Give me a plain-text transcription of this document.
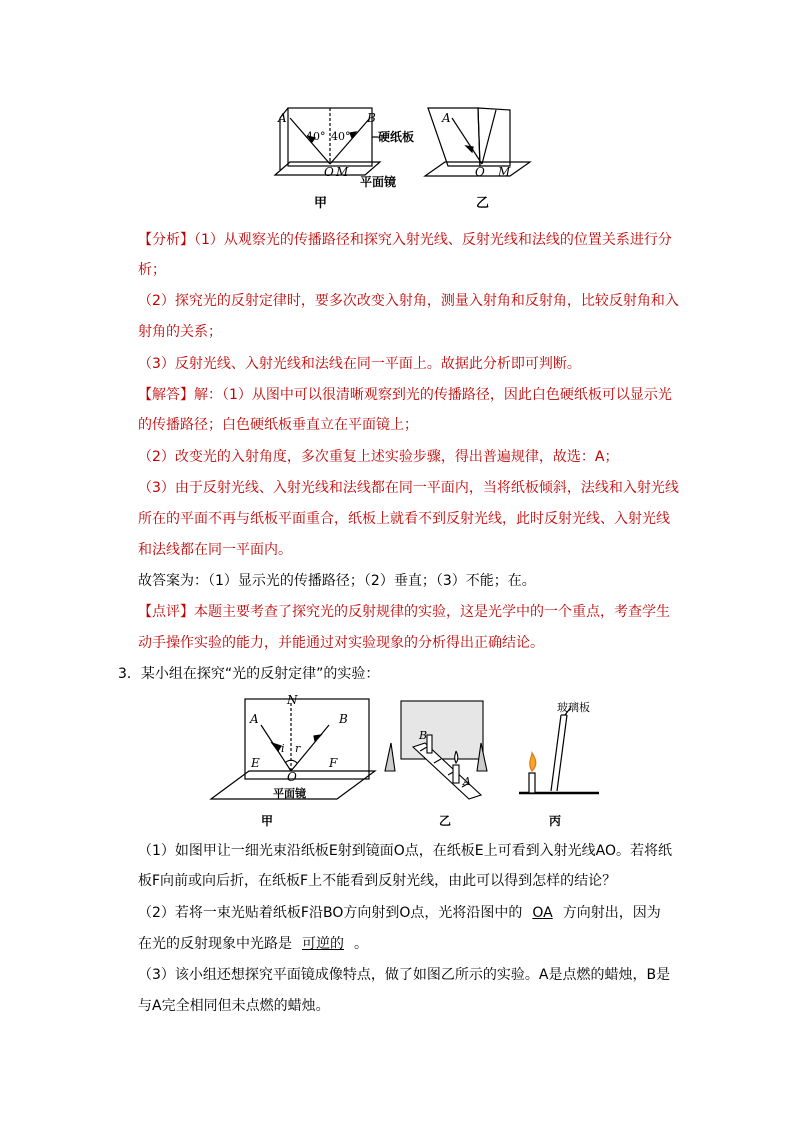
A	B
40° 40°
O M
硬纸板
平面镜
甲
A
O M
乙
【分析】（1）从观察光的传播路径和探究入射光线、反射光线和法线的位置关系进行分
析；
（2）探究光的反射定律时，要多次改变入射角，测量入射角和反射角，比较反射角和入
射角的关系；
（3）反射光线、入射光线和法线在同一平面上。故据此分析即可判断。
【解答】解：（1）从图中可以很清晰观察到光的传播路径，因此白色硬纸板可以显示光
的传播路径；白色硬纸板垂直立在平面镜上；
（2）改变光的入射角度，多次重复上述实验步骤，得出普遍规律，故选：A；
（3）由于反射光线、入射光线和法线都在同一平面内，当将纸板倾斜，法线和入射光线
所在的平面不再与纸板平面重合，纸板上就看不到反射光线，此时反射光线、入射光线
和法线都在同一平面内。
故答案为：（1）显示光的传播路径；（2）垂直；（3）不能；在。
【点评】本题主要考查了探究光的反射规律的实验，这是光学中的一个重点，考查学生
动手操作实验的能力，并能通过对实验现象的分析得出正确结论。
3．某小组在探究“光的反射定律”的实验：
N
A	B
i r
E	F
O
平面镜
甲
B
A
乙
玻璃板
丙
（1）如图甲让一细光束沿纸板E射到镜面O点，在纸板E上可看到入射光线AO。若将纸
板F向前或向后折，在纸板F上不能看到反射光线，由此可以得到怎样的结论？
（2）若将一束光贴着纸板F沿BO方向射到O点，光将沿图中的 OA 方向射出，因为
在光的反射现象中光路是 可逆的 。
（3）该小组还想探究平面镜成像特点，做了如图乙所示的实验。A是点燃的蜡烛，B是
与A完全相同但未点燃的蜡烛。
